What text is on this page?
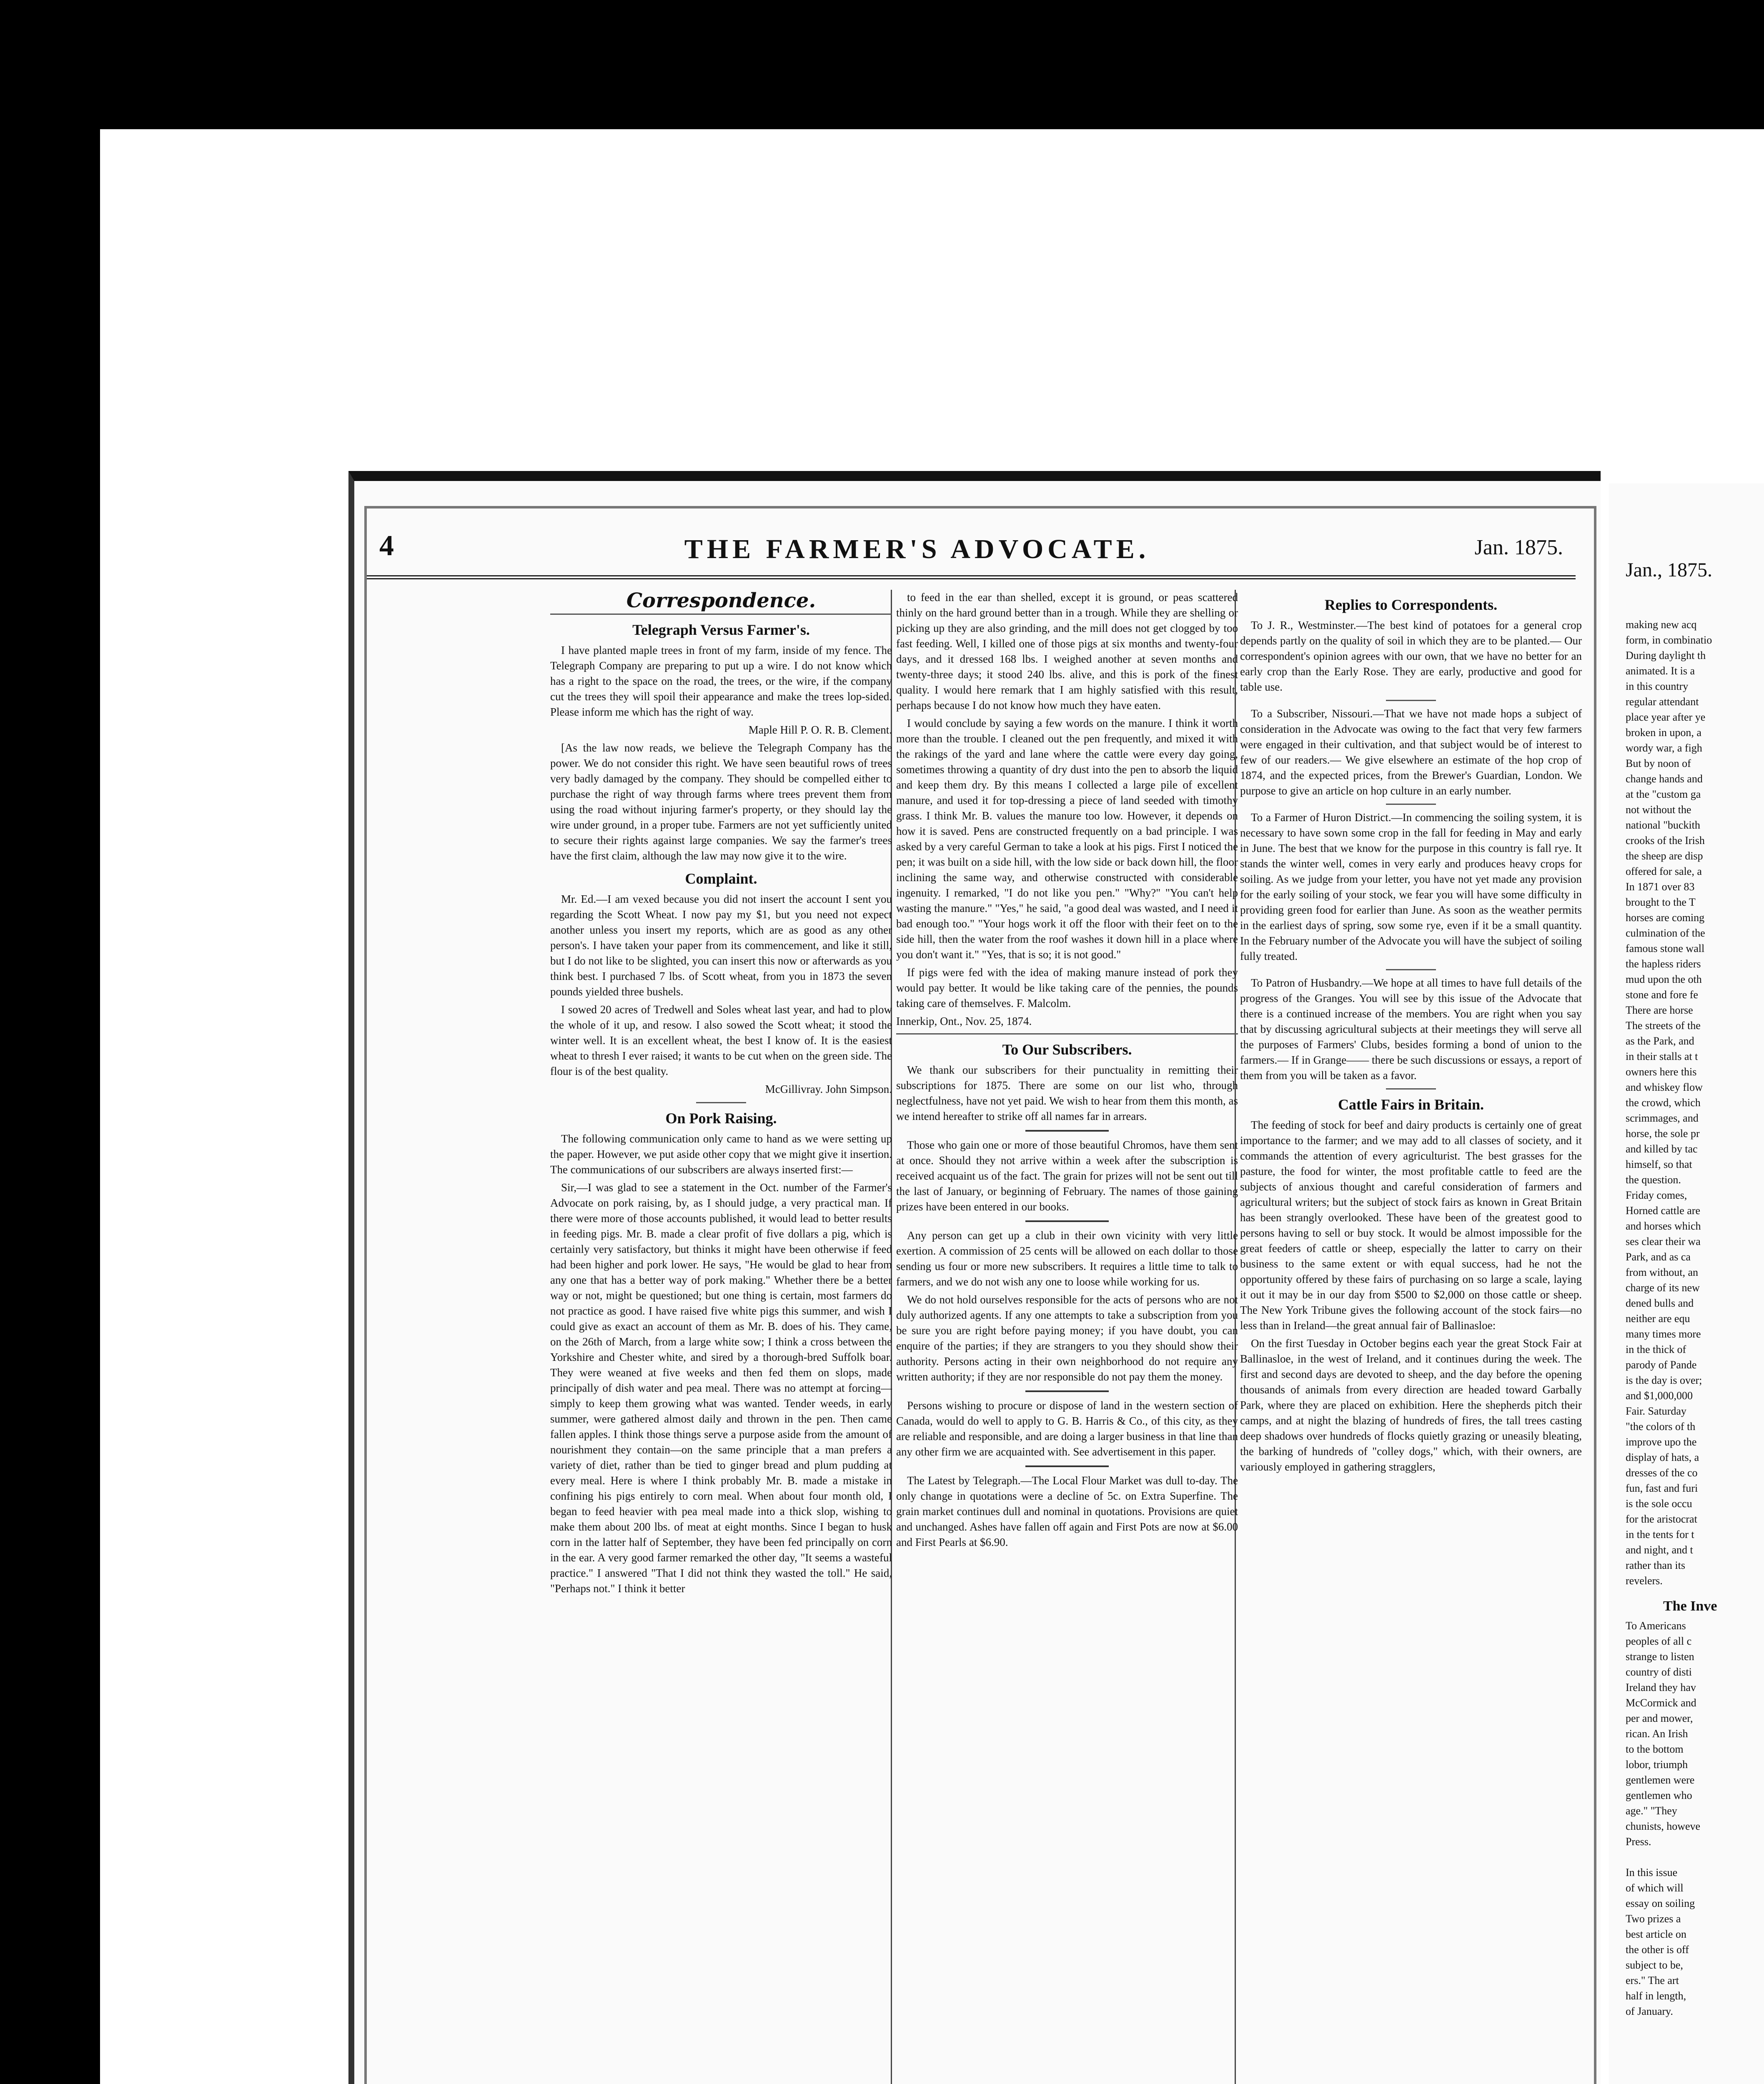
Jan., 1875.

making new acq

form, in combinatio

During daylight th

animated. It is a

in this country

regular attendant

place year after ye

broken in upon, a

wordy war, a figh

But by noon of

change hands and

at the "custom ga

not without the

national "buckith

crooks of the Irish

the sheep are disp

offered for sale, a

In 1871 over 83

brought to the T

horses are coming

culmination of the

famous stone wall

the hapless riders

mud upon the oth

stone and fore fe

There are horse

The streets of the

as the Park, and

in their stalls at t

owners here this

and whiskey flow

the crowd, which

scrimmages, and

horse, the sole pr

and killed by tac

himself, so that

the question.

Friday comes,

Horned cattle are

and horses which

ses clear their wa

Park, and as ca

from without, an

charge of its new

dened bulls and

neither are equ

many times more

in the thick of

parody of Pande

is the day is over;

and $1,000,000

Fair. Saturday

"the colors of th

improve upo the

display of hats, a

dresses of the co

fun, fast and furi

is the sole occu

for the aristocrat

in the tents for t

and night, and t

rather than its

revelers.

The Inve

To Americans

peoples of all c

strange to listen

country of disti

Ireland they hav

McCormick and

per and mower,

rican. An Irish

to the bottom

lobor, triumph

gentlemen were

gentlemen who

age." "They

chunists, howeve

Press.

In this issue

of which will

essay on soiling

Two prizes a

best article on

the other is off

subject to be,

ers." The art

half in length,

of January.

4	THE FARMER'S ADVOCATE.	Jan. 1875.
Correspondence.
Telegraph Versus Farmer's.

I have planted maple trees in front of my farm, inside of my fence. The Telegraph Company are preparing to put up a wire. I do not know which has a right to the space on the road, the trees, or the wire, if the company cut the trees they will spoil their appearance and make the trees lop-sided. Please inform me which has the right of way.

Maple Hill P. O. R. B. Clement.

[As the law now reads, we believe the Telegraph Company has the power. We do not consider this right. We have seen beautiful rows of trees very badly damaged by the company. They should be compelled either to purchase the right of way through farms where trees prevent them from using the road without injuring farmer's property, or they should lay the wire under ground, in a proper tube. Farmers are not yet sufficiently united to secure their rights against large companies. We say the farmer's trees have the first claim, although the law may now give it to the wire.

Complaint.

Mr. Ed.—I am vexed because you did not insert the account I sent you regarding the Scott Wheat. I now pay my $1, but you need not expect another unless you insert my reports, which are as good as any other person's. I have taken your paper from its commencement, and like it still, but I do not like to be slighted, you can insert this now or afterwards as you think best. I purchased 7 lbs. of Scott wheat, from you in 1873 the seven pounds yielded three bushels.

I sowed 20 acres of Tredwell and Soles wheat last year, and had to plow the whole of it up, and resow. I also sowed the Scott wheat; it stood the winter well. It is an excellent wheat, the best I know of. It is the easiest wheat to thresh I ever raised; it wants to be cut when on the green side. The flour is of the best quality.

McGillivray. John Simpson.

On Pork Raising.

The following communication only came to hand as we were setting up the paper. However, we put aside other copy that we might give it insertion. The communications of our subscribers are always inserted first:—

Sir,—I was glad to see a statement in the Oct. number of the Farmer's Advocate on pork raising, by, as I should judge, a very practical man. If there were more of those accounts published, it would lead to better results in feeding pigs. Mr. B. made a clear profit of five dollars a pig, which is certainly very satisfactory, but thinks it might have been otherwise if feed had been higher and pork lower. He says, "He would be glad to hear from any one that has a better way of pork making." Whether there be a better way or not, might be questioned; but one thing is certain, most farmers do not practice as good. I have raised five white pigs this summer, and wish I could give as exact an account of them as Mr. B. does of his. They came, on the 26th of March, from a large white sow; I think a cross between the Yorkshire and Chester white, and sired by a thorough-bred Suffolk boar. They were weaned at five weeks and then fed them on slops, made principally of dish water and pea meal. There was no attempt at forcing—simply to keep them growing what was wanted. Tender weeds, in early summer, were gathered almost daily and thrown in the pen. Then came fallen apples. I think those things serve a purpose aside from the amount of nourishment they contain—on the same principle that a man prefers a variety of diet, rather than be tied to ginger bread and plum pudding at every meal. Here is where I think probably Mr. B. made a mistake in confining his pigs entirely to corn meal. When about four month old, I began to feed heavier with pea meal made into a thick slop, wishing to make them about 200 lbs. of meat at eight months. Since I began to husk corn in the latter half of September, they have been fed principally on corn in the ear. A very good farmer remarked the other day, "It seems a wasteful practice." I answered "That I did not think they wasted the toll." He said, "Perhaps not." I think it better

to feed in the ear than shelled, except it is ground, or peas scattered thinly on the hard ground better than in a trough. While they are shelling or picking up they are also grinding, and the mill does not get clogged by too fast feeding. Well, I killed one of those pigs at six months and twenty-four days, and it dressed 168 lbs. I weighed another at seven months and twenty-three days; it stood 240 lbs. alive, and this is pork of the finest quality. I would here remark that I am highly satisfied with this result, perhaps because I do not know how much they have eaten.

I would conclude by saying a few words on the manure. I think it worth more than the trouble. I cleaned out the pen frequently, and mixed it with the rakings of the yard and lane where the cattle were every day going, sometimes throwing a quantity of dry dust into the pen to absorb the liquid and keep them dry. By this means I collected a large pile of excellent manure, and used it for top-dressing a piece of land seeded with timothy grass. I think Mr. B. values the manure too low. However, it depends on how it is saved. Pens are constructed frequently on a bad principle. I was asked by a very careful German to take a look at his pigs. First I noticed the pen; it was built on a side hill, with the low side or back down hill, the floor inclining the same way, and otherwise constructed with considerable ingenuity. I remarked, "I do not like you pen." "Why?" "You can't help wasting the manure." "Yes," he said, "a good deal was wasted, and I need it bad enough too." "Your hogs work it off the floor with their feet on to the side hill, then the water from the roof washes it down hill in a place where you don't want it." "Yes, that is so; it is not good."

If pigs were fed with the idea of making manure instead of pork they would pay better. It would be like taking care of the pennies, the pounds taking care of themselves. F. Malcolm.

Innerkip, Ont., Nov. 25, 1874.

To Our Subscribers.

We thank our subscribers for their punctuality in remitting their subscriptions for 1875. There are some on our list who, through neglectfulness, have not yet paid. We wish to hear from them this month, as we intend hereafter to strike off all names far in arrears.

Those who gain one or more of those beautiful Chromos, have them sent at once. Should they not arrive within a week after the subscription is received acquaint us of the fact. The grain for prizes will not be sent out till the last of January, or beginning of February. The names of those gaining prizes have been entered in our books.

Any person can get up a club in their own vicinity with very little exertion. A commission of 25 cents will be allowed on each dollar to those sending us four or more new subscribers. It requires a little time to talk to farmers, and we do not wish any one to loose while working for us.

We do not hold ourselves responsible for the acts of persons who are not duly authorized agents. If any one attempts to take a subscription from you be sure you are right before paying money; if you have doubt, you can enquire of the parties; if they are strangers to you they should show their authority. Persons acting in their own neighborhood do not require any written authority; if they are nor responsible do not pay them the money.

Persons wishing to procure or dispose of land in the western section of Canada, would do well to apply to G. B. Harris & Co., of this city, as they are reliable and responsible, and are doing a larger business in that line than any other firm we are acquainted with. See advertisement in this paper.

The Latest by Telegraph.—The Local Flour Market was dull to-day. The only change in quotations were a decline of 5c. on Extra Superfine. The grain market continues dull and nominal in quotations. Provisions are quiet and unchanged. Ashes have fallen off again and First Pots are now at $6.00 and First Pearls at $6.90.

Replies to Correspondents.

To J. R., Westminster.—The best kind of potatoes for a general crop depends partly on the quality of soil in which they are to be planted.— Our correspondent's opinion agrees with our own, that we have no better for an early crop than the Early Rose. They are early, productive and good for table use.

To a Subscriber, Nissouri.—That we have not made hops a subject of consideration in the Advocate was owing to the fact that very few farmers were engaged in their cultivation, and that subject would be of interest to few of our readers.— We give elsewhere an estimate of the hop crop of 1874, and the expected prices, from the Brewer's Guardian, London. We purpose to give an article on hop culture in an early number.

To a Farmer of Huron District.—In commencing the soiling system, it is necessary to have sown some crop in the fall for feeding in May and early in June. The best that we know for the purpose in this country is fall rye. It stands the winter well, comes in very early and produces heavy crops for soiling. As we judge from your letter, you have not yet made any provision for the early soiling of your stock, we fear you will have some difficulty in providing green food for earlier than June. As soon as the weather permits in the earliest days of spring, sow some rye, even if it be a small quantity. In the February number of the Advocate you will have the subject of soiling fully treated.

To Patron of Husbandry.—We hope at all times to have full details of the progress of the Granges. You will see by this issue of the Advocate that there is a continued increase of the members. You are right when you say that by discussing agricultural subjects at their meetings they will serve all the purposes of Farmers' Clubs, besides forming a bond of union to the farmers.— If in Grange—— there be such discussions or essays, a report of them from you will be taken as a favor.

Cattle Fairs in Britain.

The feeding of stock for beef and dairy products is certainly one of great importance to the farmer; and we may add to all classes of society, and it commands the attention of every agriculturist. The best grasses for the pasture, the food for winter, the most profitable cattle to feed are the subjects of anxious thought and careful consideration of farmers and agricultural writers; but the subject of stock fairs as known in Great Britain has been strangly overlooked. These have been of the greatest good to persons having to sell or buy stock. It would be almost impossible for the great feeders of cattle or sheep, especially the latter to carry on their business to the same extent or with equal success, had he not the opportunity offered by these fairs of purchasing on so large a scale, laying it out it may be in our day from $500 to $2,000 on those cattle or sheep. The New York Tribune gives the following account of the stock fairs—no less than in Ireland—the great annual fair of Ballinasloe:

On the first Tuesday in October begins each year the great Stock Fair at Ballinasloe, in the west of Ireland, and it continues during the week. The first and second days are devoted to sheep, and the day before the opening thousands of animals from every direction are headed toward Garbally Park, where they are placed on exhibition. Here the shepherds pitch their camps, and at night the blazing of hundreds of fires, the tall trees casting deep shadows over hundreds of flocks quietly grazing or uneasily bleating, the barking of hundreds of "colley dogs," which, with their owners, are variously employed in gathering stragglers,
